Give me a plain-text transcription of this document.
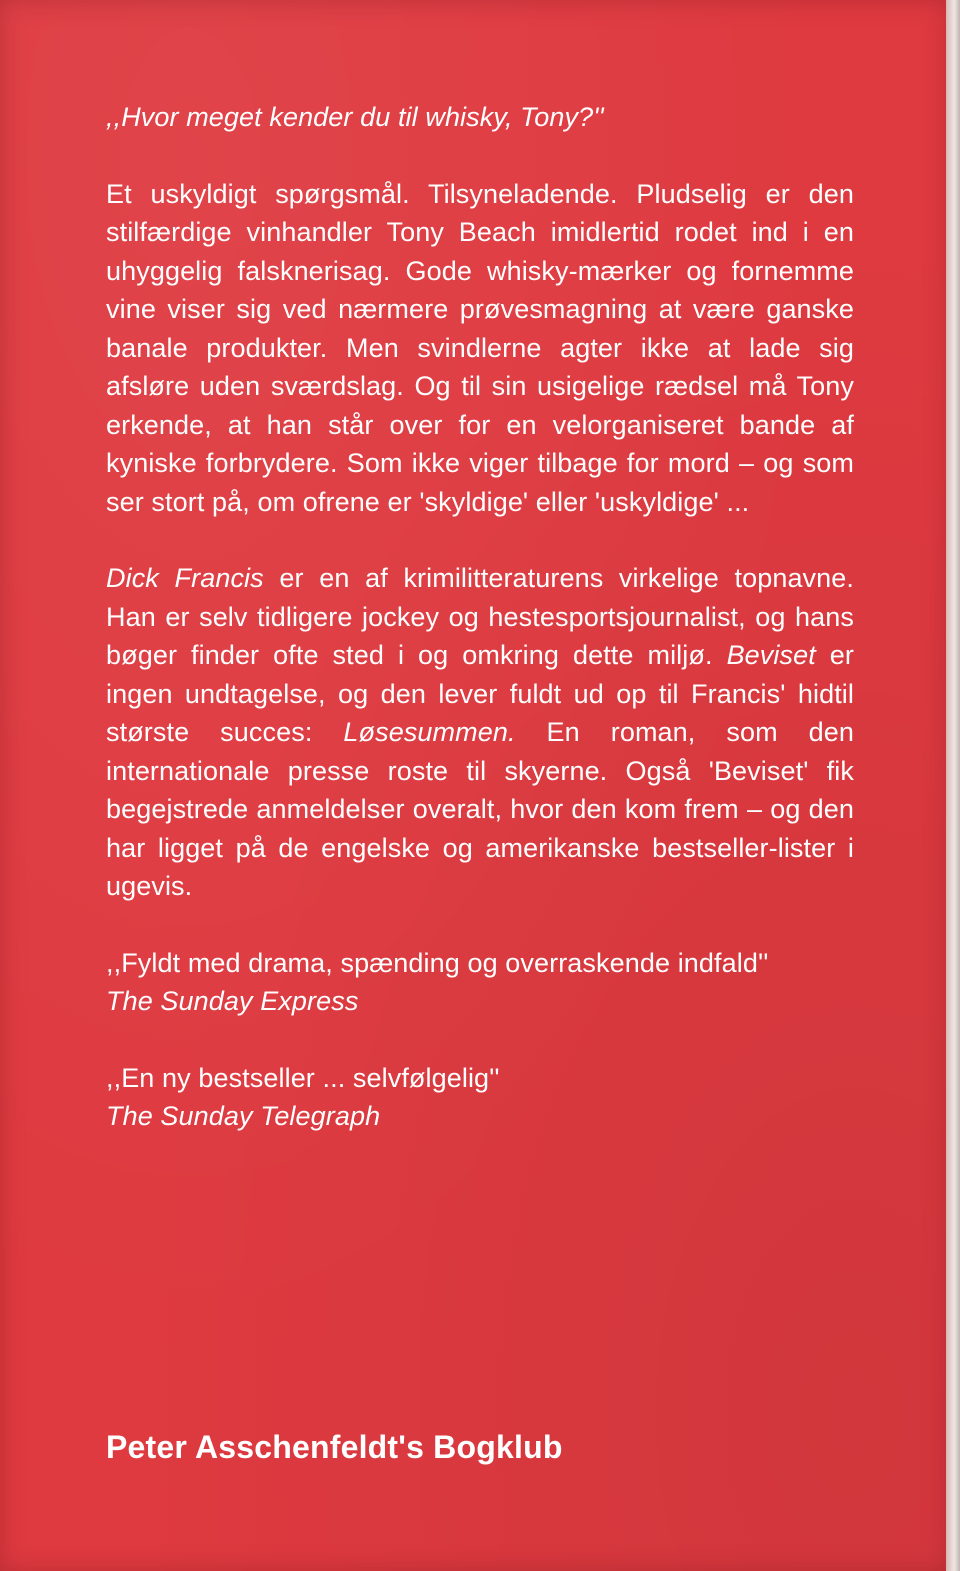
,,Hvor meget kender du til whisky, Tony?''

Et uskyldigt spørgsmål. Tilsyneladende. Pludselig er den stilfærdige vinhandler Tony Beach imidlertid rodet ind i en uhyggelig falsknerisag. Gode whisky-mærker og fornemme vine viser sig ved nærmere prøvesmagning at være ganske banale produkter. Men svindlerne agter ikke at lade sig afsløre uden sværdslag. Og til sin usigelige rædsel må Tony erkende, at han står over for en velorganiseret bande af kyniske forbrydere. Som ikke viger tilbage for mord – og som ser stort på, om ofrene er 'skyldige' eller 'uskyldige' ...

Dick Francis er en af krimilitteraturens virkelige topnavne. Han er selv tidligere jockey og hestesportsjournalist, og hans bøger finder ofte sted i og omkring dette miljø. Beviset er ingen undtagelse, og den lever fuldt ud op til Francis' hidtil største succes: Løsesummen. En roman, som den internationale presse roste til skyerne. Også 'Beviset' fik begejstrede anmeldelser overalt, hvor den kom frem – og den har ligget på de engelske og amerikanske bestseller-lister i ugevis.

,,Fyldt med drama, spænding og overraskende indfald''

The Sunday Express

,,En ny bestseller ... selvfølgelig''

The Sunday Telegraph

Peter Asschenfeldt's Bogklub
